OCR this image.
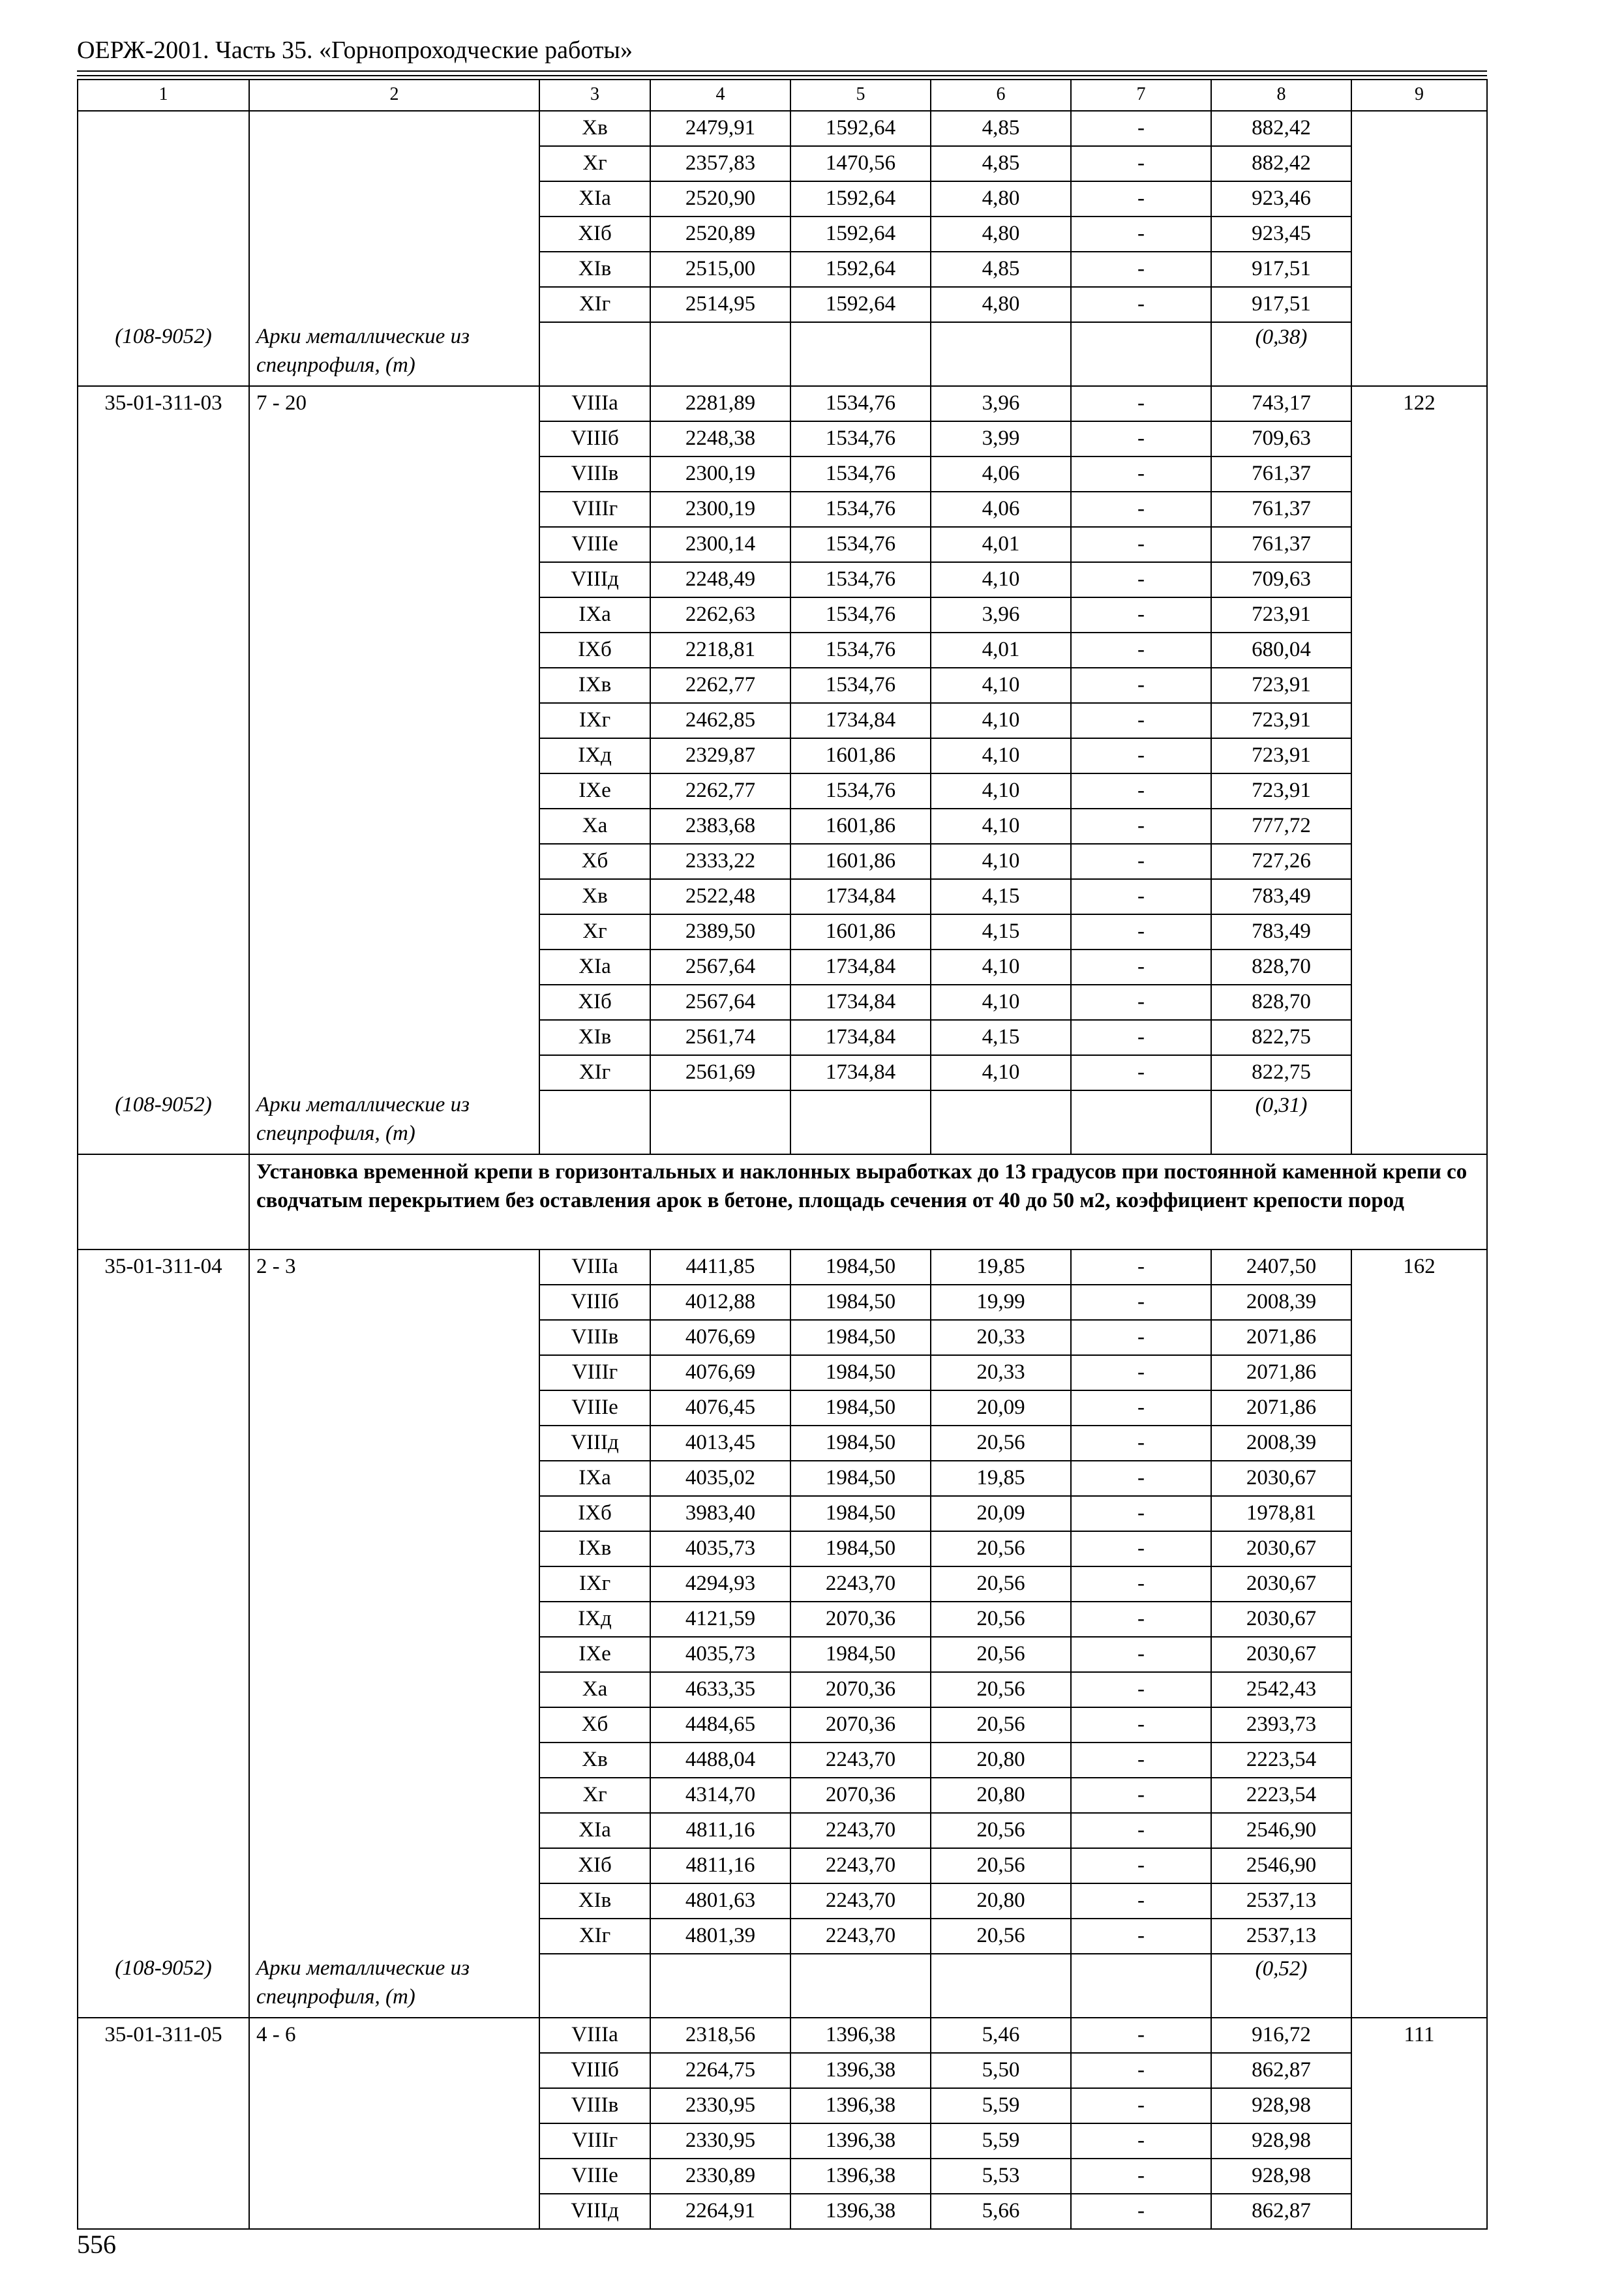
ОЕРЖ-2001. Часть 35. «Горнопроходческие работы»
1	2	3	4	5	6	7	8	9
		Хв	2479,91	1592,64	4,85	-	882,42	
		Хг	2357,83	1470,56	4,85	-	882,42	
		ХIа	2520,90	1592,64	4,80	-	923,46	
		ХIб	2520,89	1592,64	4,80	-	923,45	
		ХIв	2515,00	1592,64	4,85	-	917,51	
		ХIг	2514,95	1592,64	4,80	-	917,51	
(108-9052)	Арки металлические из спецпрофиля, (т)						(0,38)	
35-01-311-03	7 - 20	VIIIа	2281,89	1534,76	3,96	-	743,17	122
		VIIIб	2248,38	1534,76	3,99	-	709,63	
		VIIIв	2300,19	1534,76	4,06	-	761,37	
		VIIIг	2300,19	1534,76	4,06	-	761,37	
		VIIIе	2300,14	1534,76	4,01	-	761,37	
		VIIIд	2248,49	1534,76	4,10	-	709,63	
		IХа	2262,63	1534,76	3,96	-	723,91	
		IХб	2218,81	1534,76	4,01	-	680,04	
		IХв	2262,77	1534,76	4,10	-	723,91	
		IХг	2462,85	1734,84	4,10	-	723,91	
		IХд	2329,87	1601,86	4,10	-	723,91	
		IХе	2262,77	1534,76	4,10	-	723,91	
		Ха	2383,68	1601,86	4,10	-	777,72	
		Хб	2333,22	1601,86	4,10	-	727,26	
		Хв	2522,48	1734,84	4,15	-	783,49	
		Хг	2389,50	1601,86	4,15	-	783,49	
		ХIа	2567,64	1734,84	4,10	-	828,70	
		ХIб	2567,64	1734,84	4,10	-	828,70	
		ХIв	2561,74	1734,84	4,15	-	822,75	
		ХIг	2561,69	1734,84	4,10	-	822,75	
(108-9052)	Арки металлические из спецпрофиля, (т)						(0,31)	
	Установка временной крепи в горизонтальных и наклонных выработках до 13 градусов при постоянной каменной крепи со сводчатым перекрытием без оставления арок в бетоне, площадь сечения от 40 до 50 м2, коэффициент крепости пород							
35-01-311-04	2 - 3	VIIIа	4411,85	1984,50	19,85	-	2407,50	162
		VIIIб	4012,88	1984,50	19,99	-	2008,39	
		VIIIв	4076,69	1984,50	20,33	-	2071,86	
		VIIIг	4076,69	1984,50	20,33	-	2071,86	
		VIIIе	4076,45	1984,50	20,09	-	2071,86	
		VIIIд	4013,45	1984,50	20,56	-	2008,39	
		IХа	4035,02	1984,50	19,85	-	2030,67	
		IХб	3983,40	1984,50	20,09	-	1978,81	
		IХв	4035,73	1984,50	20,56	-	2030,67	
		IХг	4294,93	2243,70	20,56	-	2030,67	
		IХд	4121,59	2070,36	20,56	-	2030,67	
		IХе	4035,73	1984,50	20,56	-	2030,67	
		Ха	4633,35	2070,36	20,56	-	2542,43	
		Хб	4484,65	2070,36	20,56	-	2393,73	
		Хв	4488,04	2243,70	20,80	-	2223,54	
		Хг	4314,70	2070,36	20,80	-	2223,54	
		ХIа	4811,16	2243,70	20,56	-	2546,90	
		ХIб	4811,16	2243,70	20,56	-	2546,90	
		ХIв	4801,63	2243,70	20,80	-	2537,13	
		ХIг	4801,39	2243,70	20,56	-	2537,13	
(108-9052)	Арки металлические из спецпрофиля, (т)						(0,52)	
35-01-311-05	4 - 6	VIIIа	2318,56	1396,38	5,46	-	916,72	111
		VIIIб	2264,75	1396,38	5,50	-	862,87	
		VIIIв	2330,95	1396,38	5,59	-	928,98	
		VIIIг	2330,95	1396,38	5,59	-	928,98	
		VIIIе	2330,89	1396,38	5,53	-	928,98	
		VIIIд	2264,91	1396,38	5,66	-	862,87	
556
